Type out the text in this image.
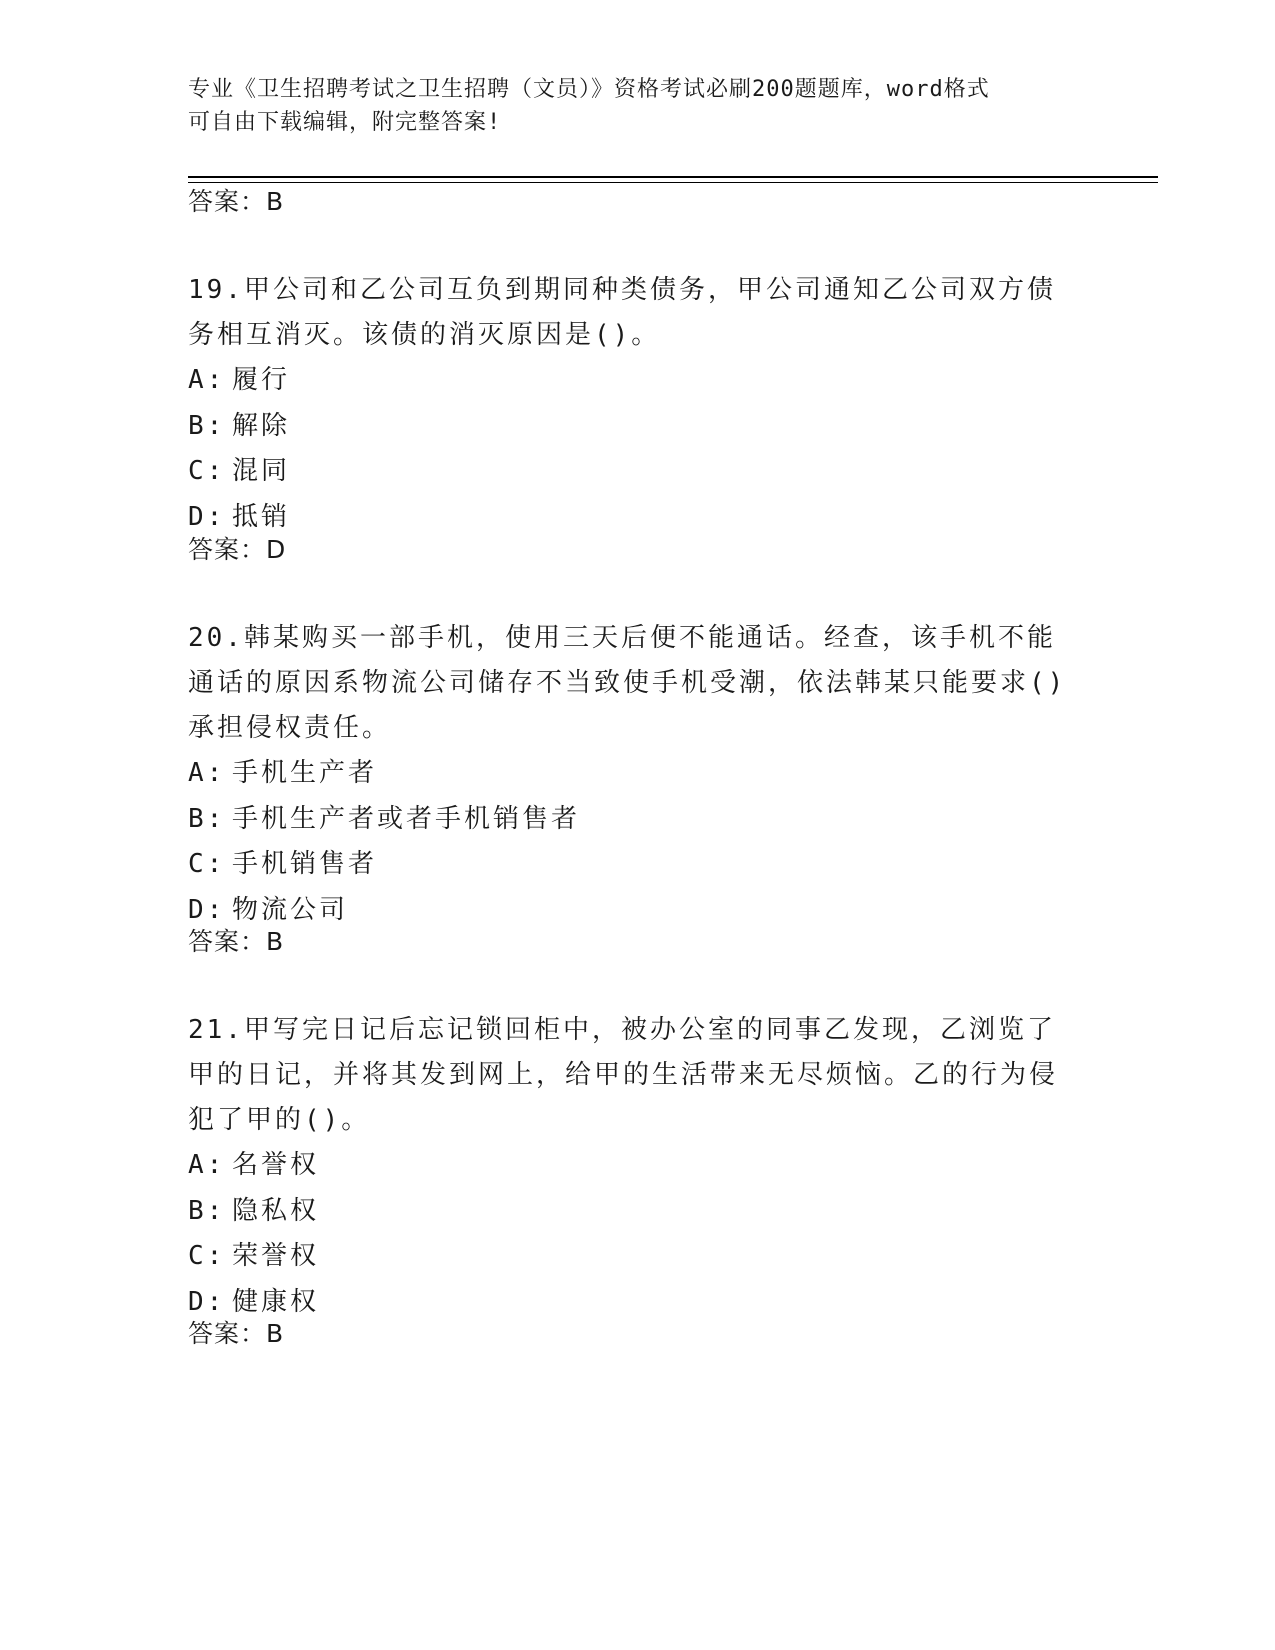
专业《卫生招聘考试之卫生招聘（文员）》资格考试必刷200题题库，word格式
可自由下载编辑，附完整答案!
答案：B
19.甲公司和乙公司互负到期同种类债务，甲公司通知乙公司双方债务相互消灭。该债的消灭原因是()。
A: 履行
B: 解除
C: 混同
D: 抵销
答案：D
20.韩某购买一部手机，使用三天后便不能通话。经查，该手机不能通话的原因系物流公司储存不当致使手机受潮，依法韩某只能要求()承担侵权责任。
A: 手机生产者
B: 手机生产者或者手机销售者
C: 手机销售者
D: 物流公司
答案：B
21.甲写完日记后忘记锁回柜中，被办公室的同事乙发现，乙浏览了甲的日记，并将其发到网上，给甲的生活带来无尽烦恼。乙的行为侵犯了甲的()。
A: 名誉权
B: 隐私权
C: 荣誉权
D: 健康权
答案：B
